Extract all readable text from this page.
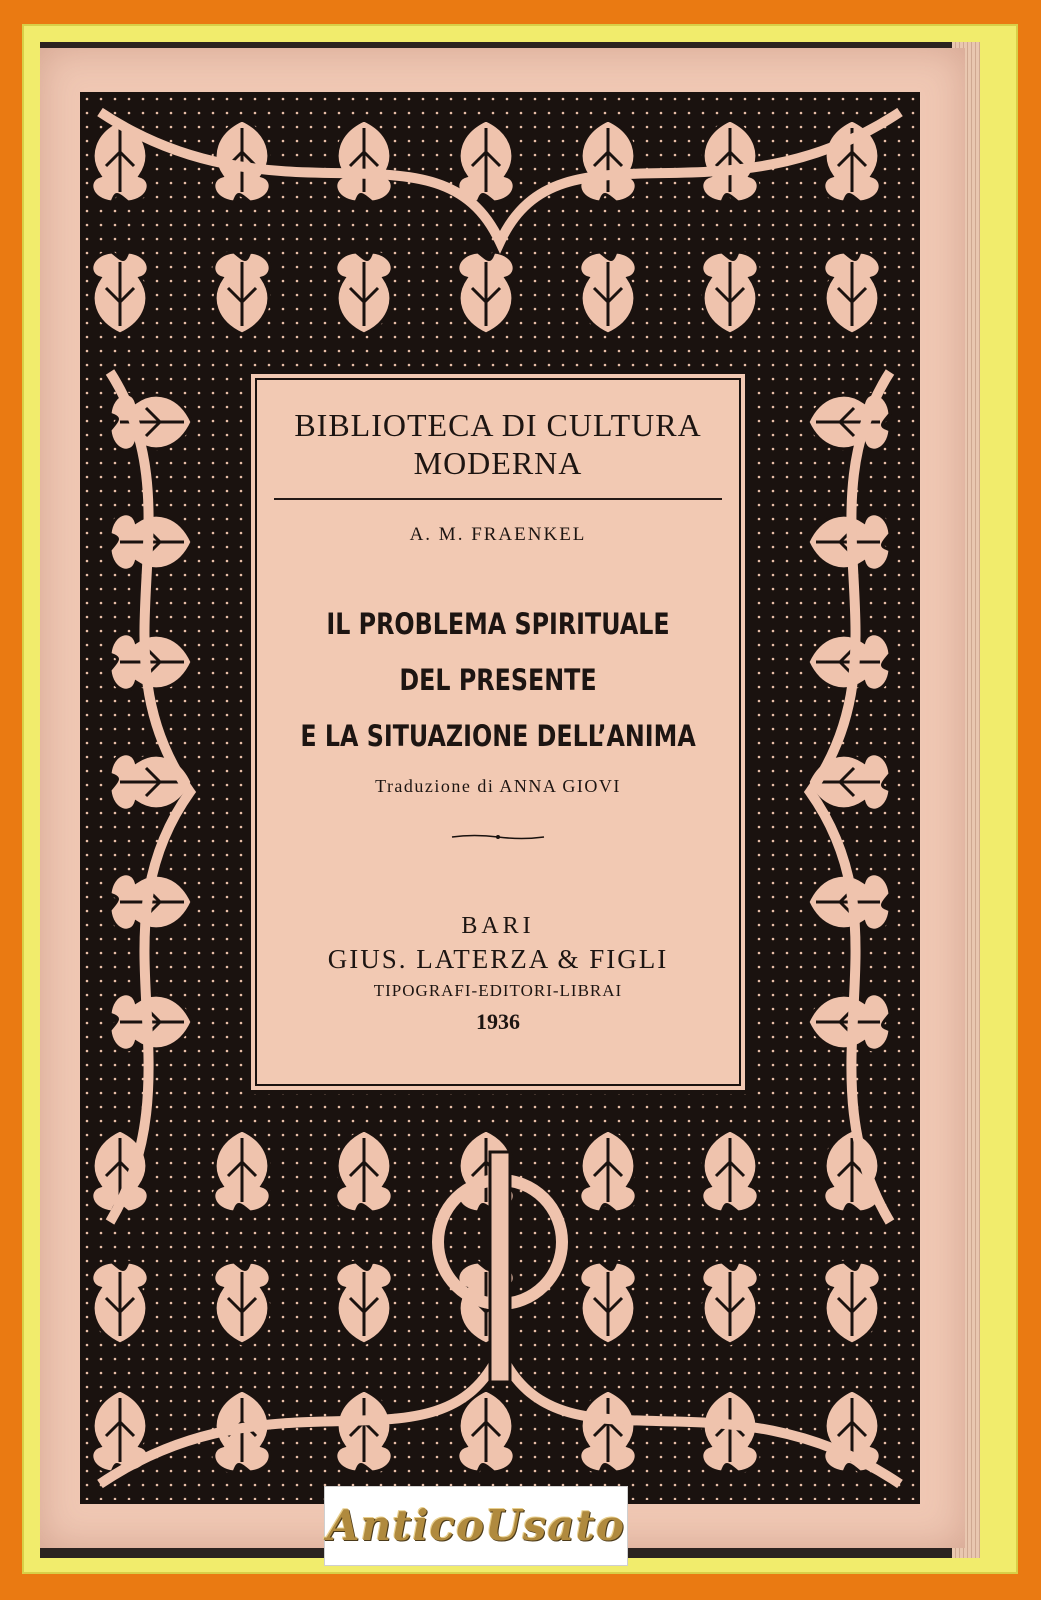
BIBLIOTECA DI CULTURA
MODERNA
A. M. FRAENKEL
IL PROBLEMA SPIRITUALE
DEL PRESENTE
E LA SITUAZIONE DELL’ANIMA
Traduzione di ANNA GIOVI
BARI
GIUS. LATERZA & FIGLI
TIPOGRAFI-EDITORI-LIBRAI
1936
AnticoUsato
